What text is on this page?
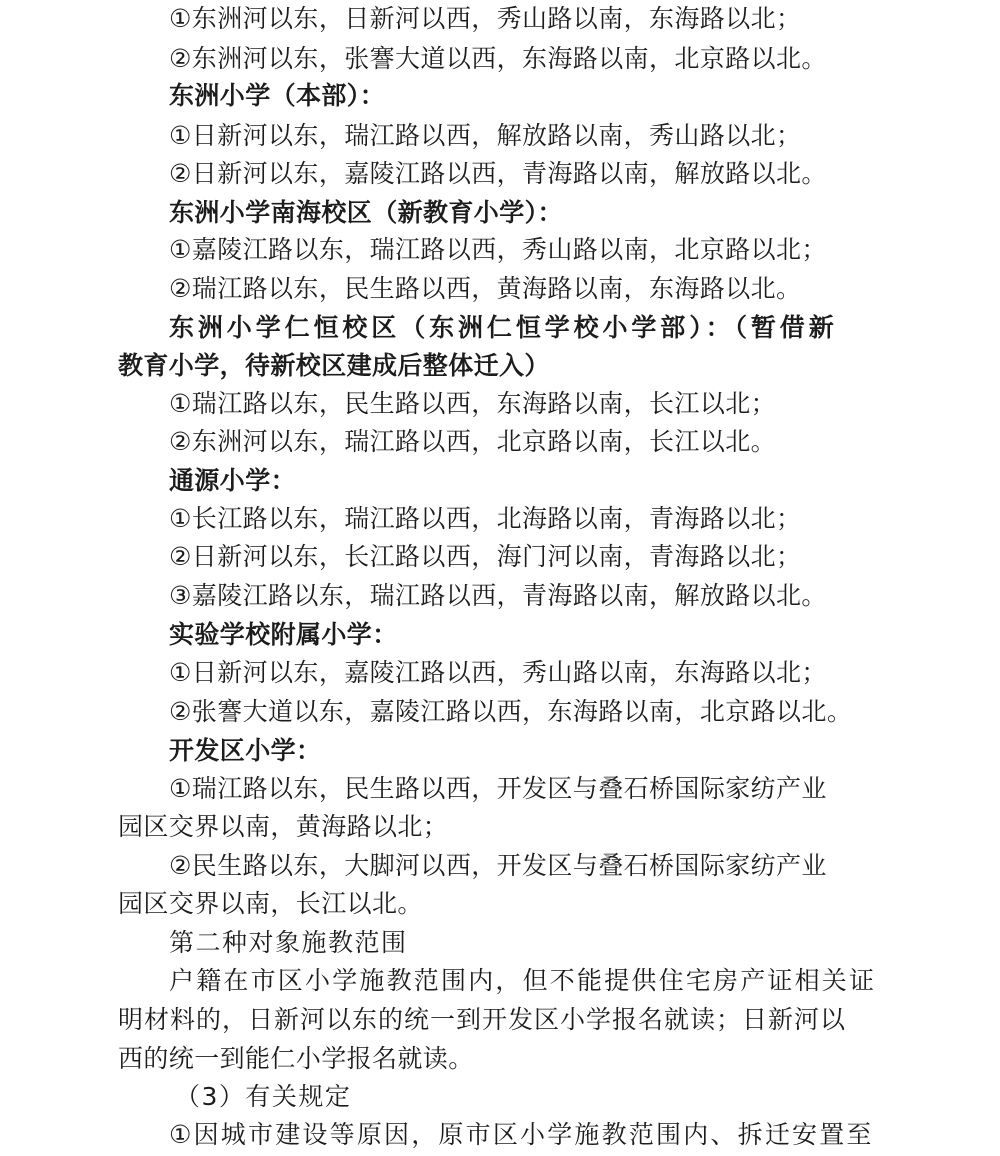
①东洲河以东，日新河以西，秀山路以南，东海路以北；
②东洲河以东，张謇大道以西，东海路以南，北京路以北。
东洲小学（本部）：
①日新河以东，瑞江路以西，解放路以南，秀山路以北；
②日新河以东，嘉陵江路以西，青海路以南，解放路以北。
东洲小学南海校区（新教育小学）：
①嘉陵江路以东，瑞江路以西，秀山路以南，北京路以北；
②瑞江路以东，民生路以西，黄海路以南，东海路以北。
东洲小学仁恒校区（东洲仁恒学校小学部）：（暂借新
教育小学，待新校区建成后整体迁入）
①瑞江路以东，民生路以西，东海路以南，长江以北；
②东洲河以东，瑞江路以西，北京路以南，长江以北。
通源小学：
①长江路以东，瑞江路以西，北海路以南，青海路以北；
②日新河以东，长江路以西，海门河以南，青海路以北；
③嘉陵江路以东，瑞江路以西，青海路以南，解放路以北。
实验学校附属小学：
①日新河以东，嘉陵江路以西，秀山路以南，东海路以北；
②张謇大道以东，嘉陵江路以西，东海路以南，北京路以北。
开发区小学：
①瑞江路以东，民生路以西，开发区与叠石桥国际家纺产业
园区交界以南，黄海路以北；
②民生路以东，大脚河以西，开发区与叠石桥国际家纺产业
园区交界以南，长江以北。
第二种对象施教范围
户籍在市区小学施教范围内，但不能提供住宅房产证相关证
明材料的，日新河以东的统一到开发区小学报名就读；日新河以
西的统一到能仁小学报名就读。
（3）有关规定
①因城市建设等原因，原市区小学施教范围内、拆迁安置至
